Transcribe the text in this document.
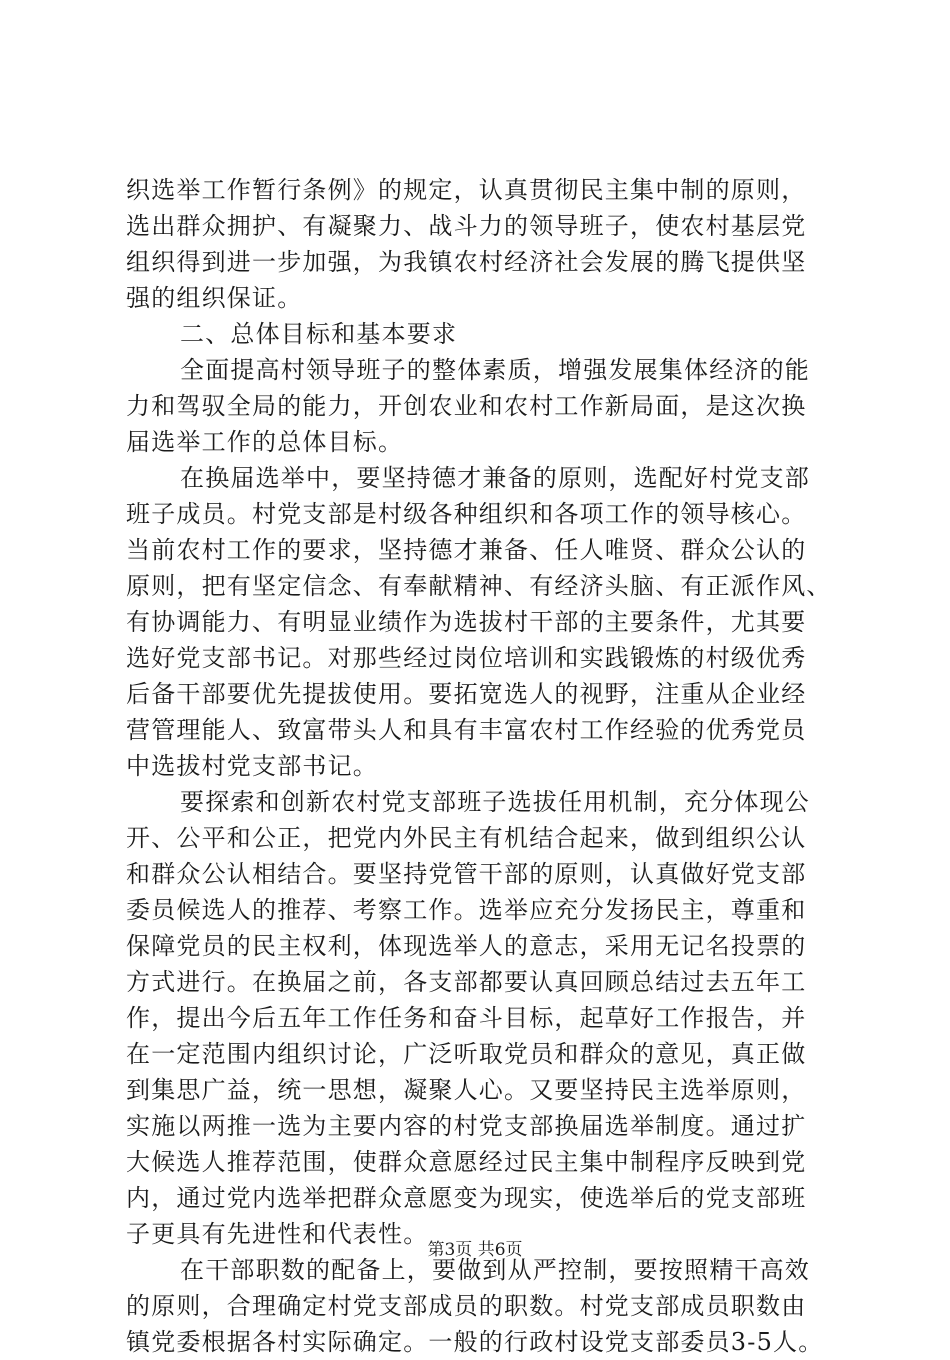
织选举工作暂行条例》的规定，认真贯彻民主集中制的原则，
选出群众拥护、有凝聚力、战斗力的领导班子，使农村基层党
组织得到进一步加强，为我镇农村经济社会发展的腾飞提供坚
强的组织保证。
二、总体目标和基本要求
全面提高村领导班子的整体素质，增强发展集体经济的能
力和驾驭全局的能力，开创农业和农村工作新局面，是这次换
届选举工作的总体目标。
在换届选举中，要坚持德才兼备的原则，选配好村党支部
班子成员。村党支部是村级各种组织和各项工作的领导核心。
当前农村工作的要求，坚持德才兼备、任人唯贤、群众公认的
原则，把有坚定信念、有奉献精神、有经济头脑、有正派作风、
有协调能力、有明显业绩作为选拔村干部的主要条件，尤其要
选好党支部书记。对那些经过岗位培训和实践锻炼的村级优秀
后备干部要优先提拔使用。要拓宽选人的视野，注重从企业经
营管理能人、致富带头人和具有丰富农村工作经验的优秀党员
中选拔村党支部书记。
要探索和创新农村党支部班子选拔任用机制，充分体现公
开、公平和公正，把党内外民主有机结合起来，做到组织公认
和群众公认相结合。要坚持党管干部的原则，认真做好党支部
委员候选人的推荐、考察工作。选举应充分发扬民主，尊重和
保障党员的民主权利，体现选举人的意志，采用无记名投票的
方式进行。在换届之前，各支部都要认真回顾总结过去五年工
作，提出今后五年工作任务和奋斗目标，起草好工作报告，并
在一定范围内组织讨论，广泛听取党员和群众的意见，真正做
到集思广益，统一思想，凝聚人心。又要坚持民主选举原则，
实施以两推一选为主要内容的村党支部换届选举制度。通过扩
大候选人推荐范围，使群众意愿经过民主集中制程序反映到党
内，通过党内选举把群众意愿变为现实，使选举后的党支部班
子更具有先进性和代表性。
在干部职数的配备上，要做到从严控制，要按照精干高效
的原则，合理确定村党支部成员的职数。村党支部成员职数由
镇党委根据各村实际确定。一般的行政村设党支部委员3-5人。
第3页 共6页
